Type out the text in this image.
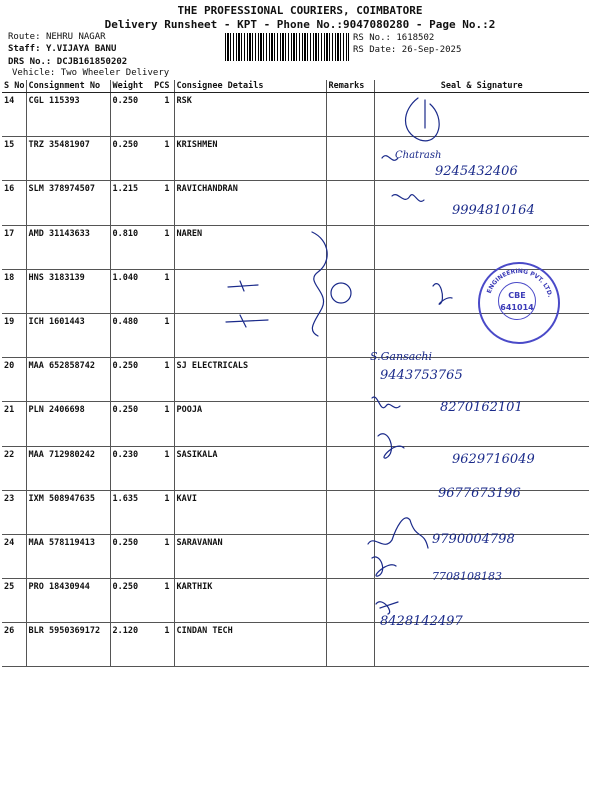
THE PROFESSIONAL COURIERS, COIMBATORE
Delivery Runsheet - KPT - Phone No.:9047080280 - Page No.:2
Route: NEHRU NAGAR
Staff: Y.VIJAYA BANU
DRS No.: DCJB161850202
Vehicle: Two Wheeler Delivery
RS No.: 1618502
RS Date: 26-Sep-2025
S No	Consignment No	Weight	PCS	Consignee Details	Remarks	Seal & Signature
14	CGL 115393	0.250	1	RSK		
15	TRZ 35481907	0.250	1	KRISHMEN		
16	SLM 378974507	1.215	1	RAVICHANDRAN		
17	AMD 31143633	0.810	1	NAREN		
18	HNS 3183139	1.040	1			
19	ICH 1601443	0.480	1			
20	MAA 652858742	0.250	1	SJ ELECTRICALS		
21	PLN 2406698	0.250	1	POOJA		
22	MAA 712980242	0.230	1	SASIKALA		
23	IXM 508947635	1.635	1	KAVI		
24	MAA 578119413	0.250	1	SARAVANAN		
25	PRO 18430944	0.250	1	KARTHIK		
26	BLR 5950369172	2.120	1	CINDAN TECH		
Chatrash
9245432406
9994810164
S.Gansachi
9443753765
8270162101
9629716049
9677673196
9790004798
7708108183
8428142497
ENGINEERING PVT. LTD.
CBE
641014
